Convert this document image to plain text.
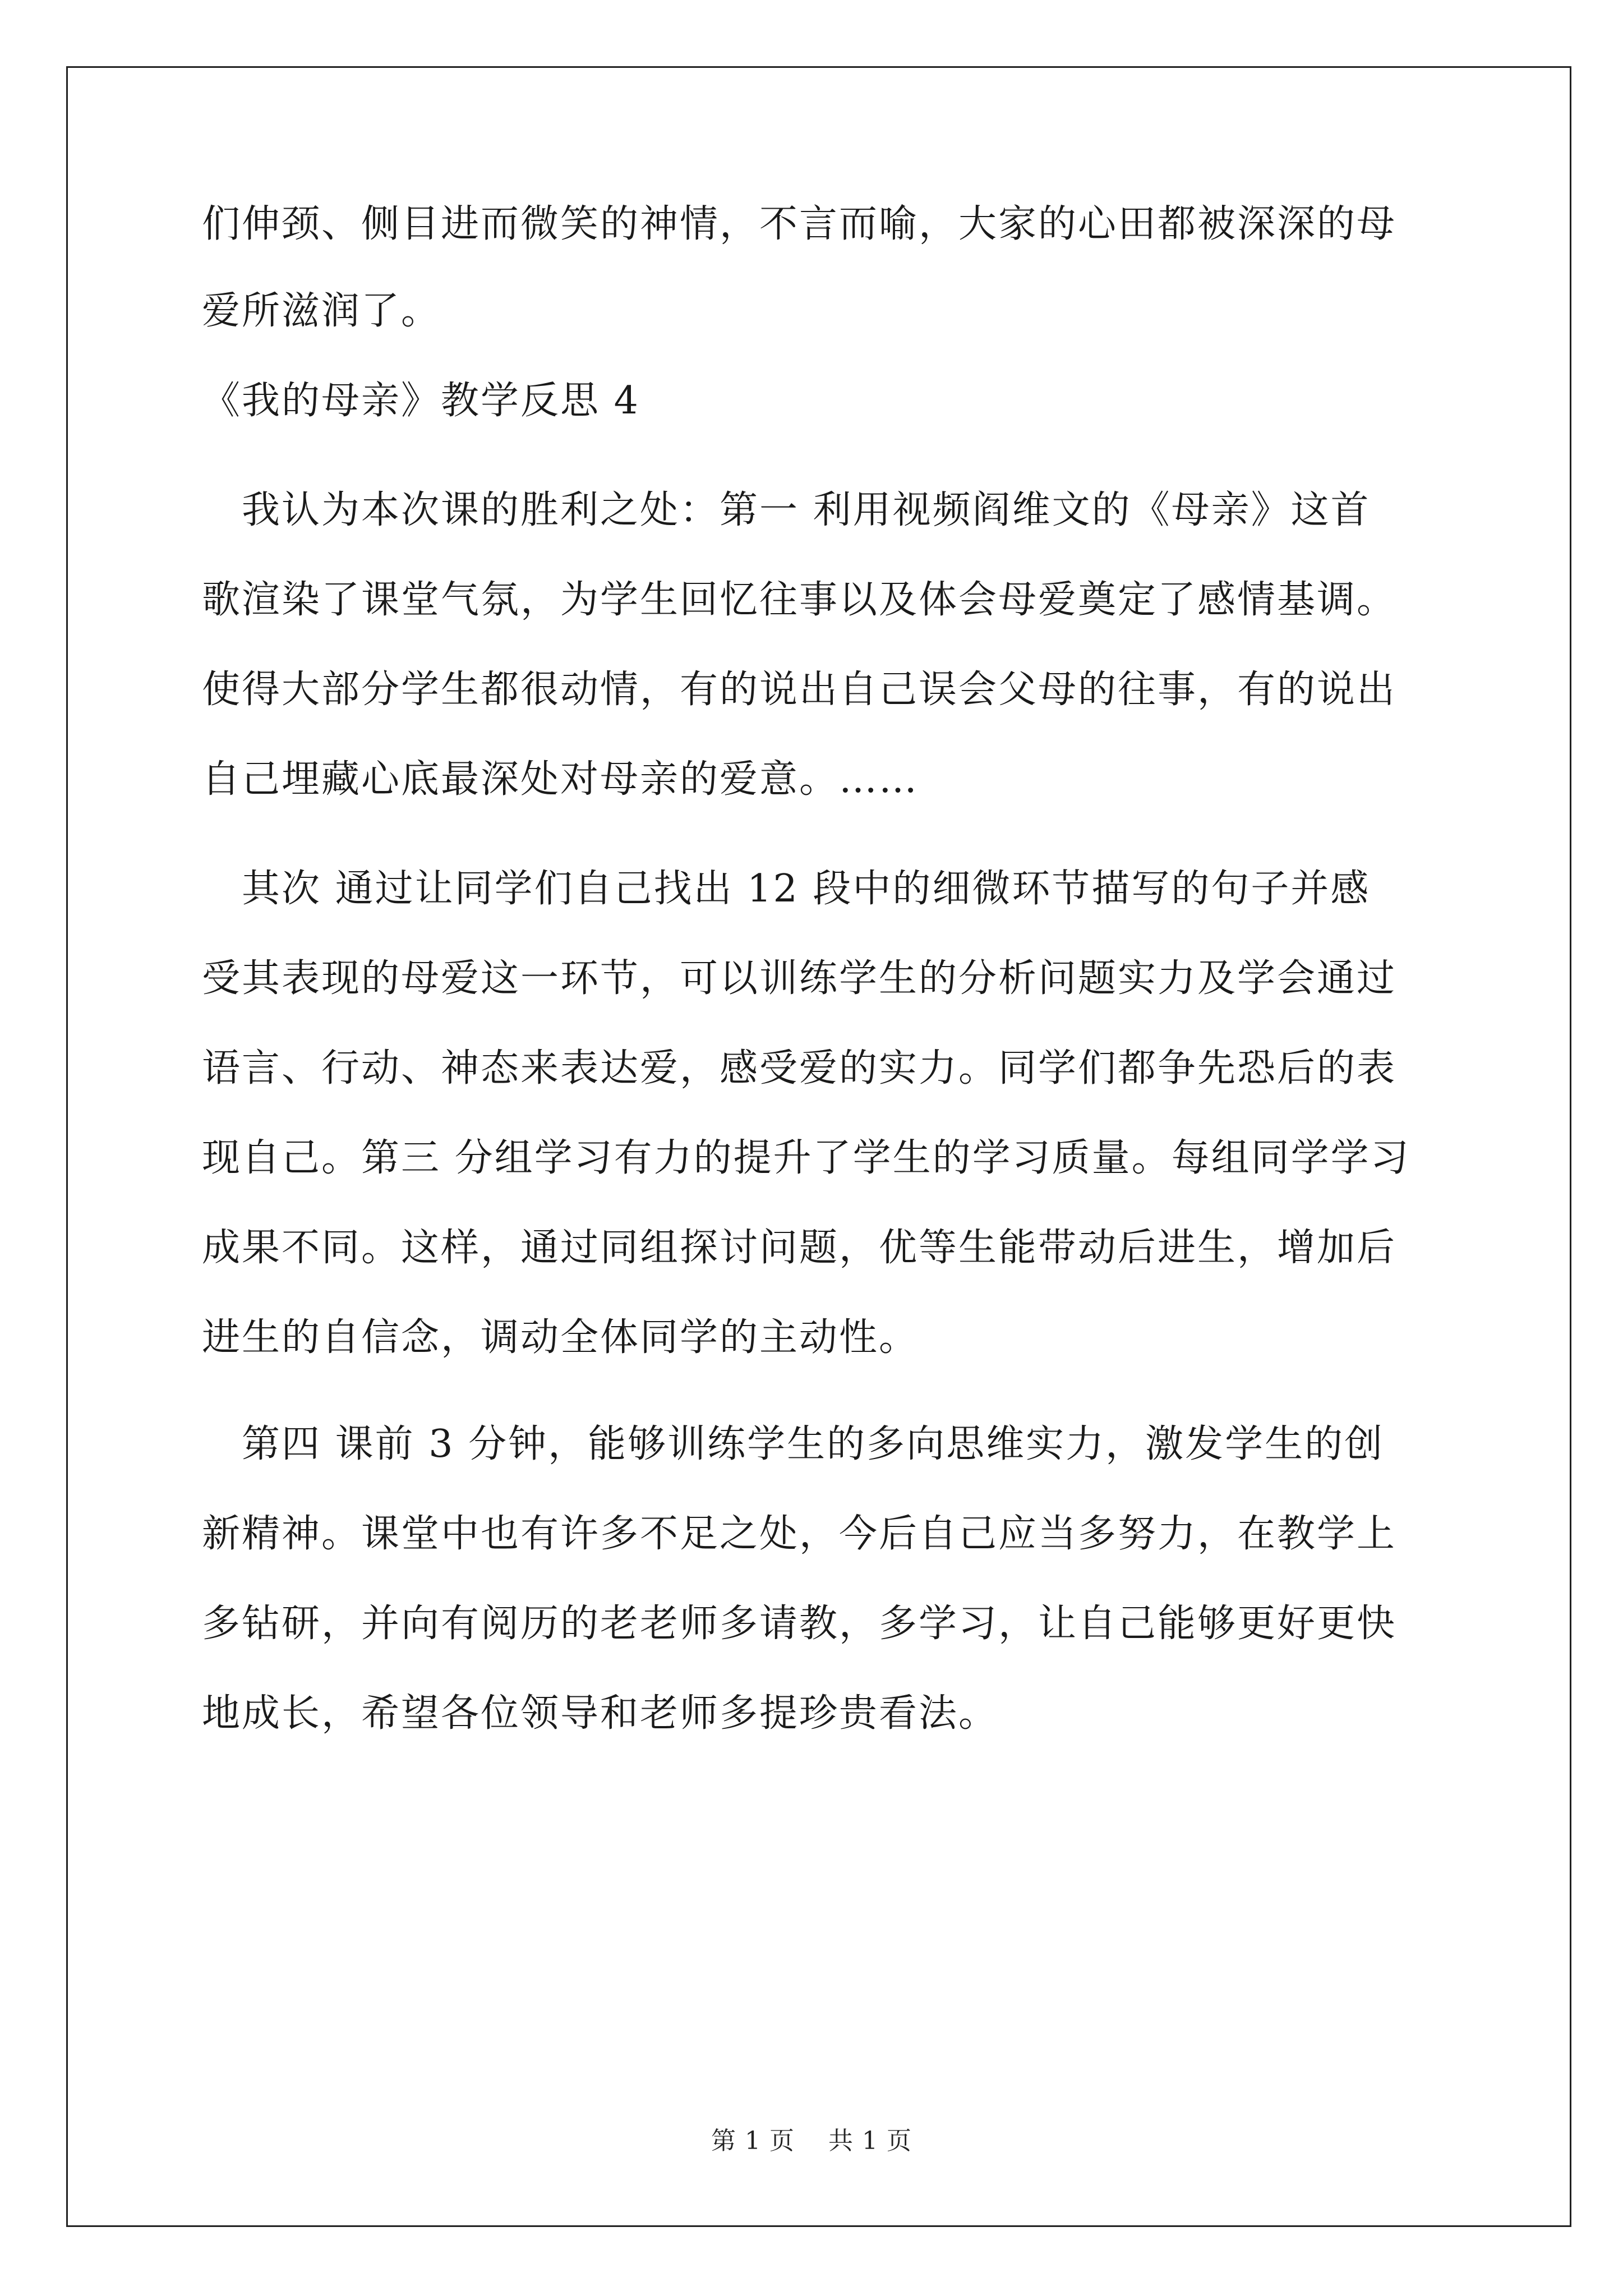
们伸颈、侧目进而微笑的神情，不言而喻，大家的心田都被深深的母
爱所滋润了。
《我的母亲》教学反思 4
　我认为本次课的胜利之处：第一 利用视频阎维文的《母亲》这首
歌渲染了课堂气氛，为学生回忆往事以及体会母爱奠定了感情基调。
使得大部分学生都很动情，有的说出自己误会父母的往事，有的说出
自己埋藏心底最深处对母亲的爱意。……
　其次 通过让同学们自己找出 12 段中的细微环节描写的句子并感
受其表现的母爱这一环节，可以训练学生的分析问题实力及学会通过
语言、行动、神态来表达爱，感受爱的实力。同学们都争先恐后的表
现自己。第三 分组学习有力的提升了学生的学习质量。每组同学学习
成果不同。这样，通过同组探讨问题，优等生能带动后进生，增加后
进生的自信念，调动全体同学的主动性。
　第四 课前 3 分钟，能够训练学生的多向思维实力，激发学生的创
新精神。课堂中也有许多不足之处，今后自己应当多努力，在教学上
多钻研，并向有阅历的老老师多请教，多学习，让自己能够更好更快
地成长，希望各位领导和老师多提珍贵看法。
第 1 页 共 1 页
